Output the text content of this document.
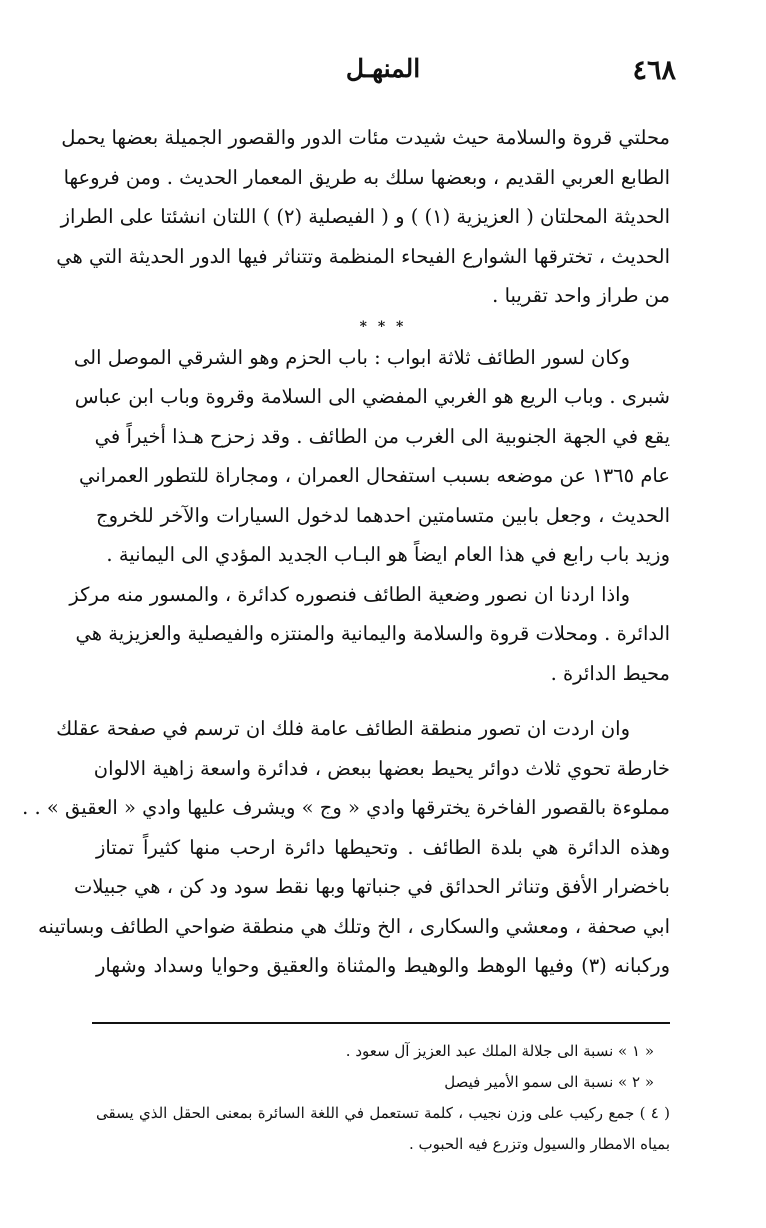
٤٦٨
المنهـل
محلتي قروة والسلامة حيث شيدت مئات الدور والقصور الجميلة بعضها يحمل
الطابع العربي القديم ، وبعضها سلك به طريق المعمار الحديث . ومن فروعها
الحديثة المحلتان ( العزيزية (١) ) و ( الفيصلية (٢) ) اللتان انشئتا على الطراز
الحديث ، تخترقها الشوارع الفيحاء المنظمة وتتناثر فيها الدور الحديثة التي هي
من طراز واحد تقريبا .
* * *
وكان لسور الطائف ثلاثة ابواب : باب الحزم وهو الشرقي الموصل الى
شبرى . وباب الريع هو الغربي المفضي الى السلامة وقروة وباب ابن عباس
يقع في الجهة الجنوبية الى الغرب من الطائف . وقد زحزح هـذا أخيراً في
عام ١٣٦٥ عن موضعه بسبب استفحال العمران ، ومجاراة للتطور العمراني
الحديث ، وجعل بابين متسامتين احدهما لدخول السيارات والآخر للخروج
وزيد باب رابع في هذا العام ايضاً هو البـاب الجديد المؤدي الى اليمانية .
واذا اردنا ان نصور وضعية الطائف فنصوره كدائرة ، والمسور منه مركز
الدائرة . ومحلات قروة والسلامة واليمانية والمنتزه والفيصلية والعزيزية هي
محيط الدائرة .
وان اردت ان تصور منطقة الطائف عامة فلك ان ترسم في صفحة عقلك
خارطة تحوي ثلاث دوائر يحيط بعضها ببعض ، فدائرة واسعة زاهية الالوان
مملوءة بالقصور الفاخرة يخترقها وادي « وج » ويشرف عليها وادي « العقيق » . .
وهذه الدائرة هي بلدة الطائف . وتحيطها دائرة ارحب منها كثيراً تمتاز
باخضرار الأفق وتناثر الحدائق في جنباتها وبها نقط سود ود كن ، هي جبيلات
ابي صحفة ، ومعشي والسكارى ، الخ وتلك هي منطقة ضواحي الطائف وبساتينه
وركبانه (٣) وفيها الوهط والوهيط والمثناة والعقيق وحوايا وسداد وشهار
« ١ » نسبة الى جلالة الملك عبد العزيز آل سعود .
« ٢ » نسبة الى سمو الأمير فيصل
( ٤ ) جمع ركيب على وزن نجيب ، كلمة تستعمل في اللغة السائرة بمعنى الحقل الذي يسقى
بمياه الامطار والسيول وتزرع فيه الحبوب .
